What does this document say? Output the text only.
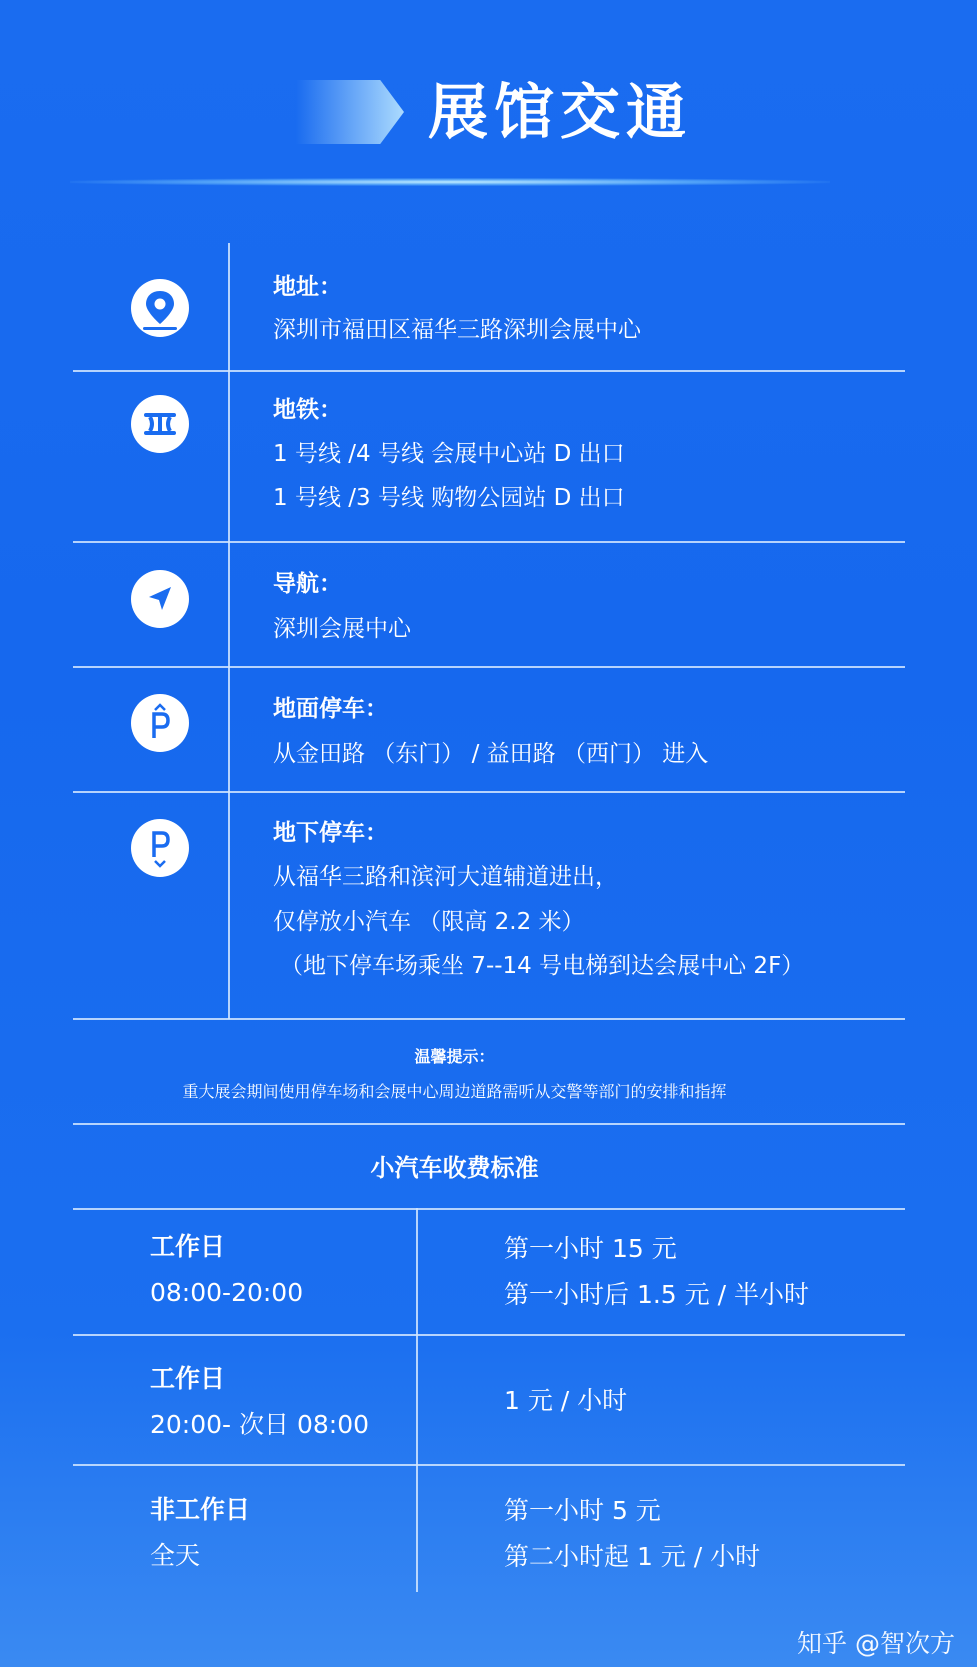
展馆交通
地址：
深圳市福田区福华三路深圳会展中心
地铁：
1 号线 /4 号线 会展中心站 D 出口
1 号线 /3 号线 购物公园站 D 出口
导航：
深圳会展中心
地面停车：
从金田路 （东门） / 益田路 （西门） 进入
地下停车：
从福华三路和滨河大道辅道进出，
仅停放小汽车 （限高 2.2 米）
（地下停车场乘坐 7--14 号电梯到达会展中心 2F）
温馨提示：
重大展会期间使用停车场和会展中心周边道路需听从交警等部门的安排和指挥
小汽车收费标准
工作日
08:00-20:00
第一小时 15 元
第一小时后 1.5 元 / 半小时
工作日
20:00- 次日 08:00
1 元 / 小时
非工作日
全天
第一小时 5 元
第二小时起 1 元 / 小时
知乎 @智次方
